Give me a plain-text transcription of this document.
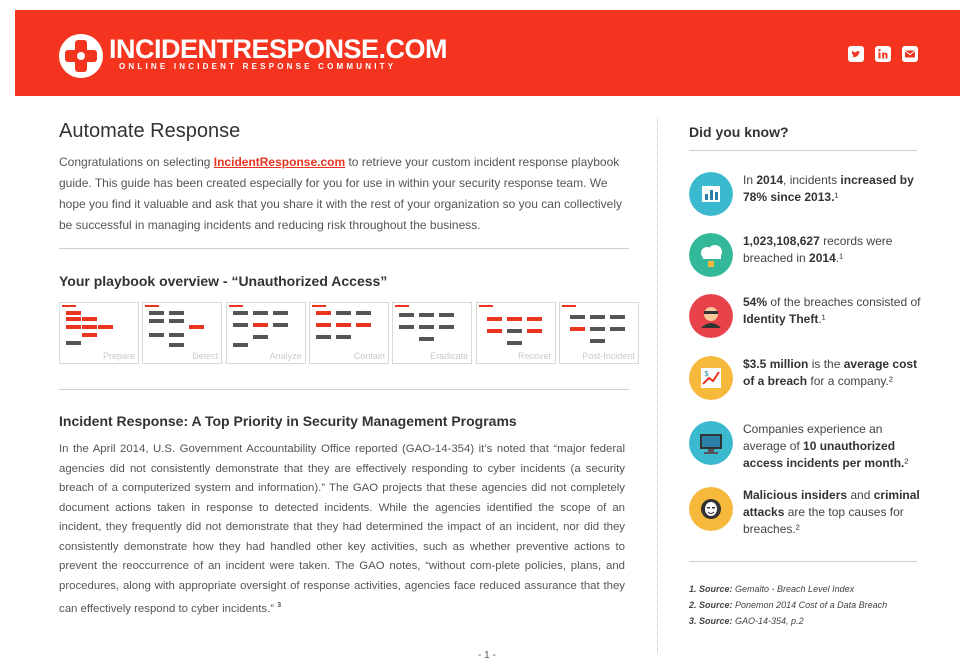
INCIDENTRESPONSE.COM
ONLINE INCIDENT RESPONSE COMMUNITY
Automate Response

Congratulations on selecting IncidentResponse.com to retrieve your custom incident response playbook guide. This guide has been created especially for you for use in within your security response team. We hope you find it valuable and ask that you share it with the rest of your organization so you can collectively be successful in managing incidents and reducing risk throughout the business.

Your playbook overview - “Unauthorized Access”
Prepare	Detect	Analyze	Contain	Eradicate	Recover	Post-Incident
Incident Response: A Top Priority in Security Management Programs

In the April 2014, U.S. Government Accountability Office reported (GAO-14-354) it’s noted that “major federal agencies did not consistently demonstrate that they are effectively responding to cyber incidents (a security breach of a computerized system and information).” The GAO projects that these agencies did not completely document actions taken in response to detected incidents. While the agencies identified the scope of an incident, they frequently did not demonstrate that they had determined the impact of an incident, nor did they consistently demonstrate how they had handled other key activities, such as whether preventive actions to prevent the reoccurrence of an incident were taken. The GAO notes, “without com-plete policies, plans, and procedures, along with appropriate oversight of response activities, agencies face reduced assurance that they can effectively respond to cyber incidents.” $^3$

Did you know?
In 2014, incidents increased by 78% since 2013.¹
1,023,108,627 records were breached in 2014.¹
54% of the breaches consisted of Identity Theft.¹
$
$3.5 million is the average cost of a breach for a company.²
Companies experience an average of 10 unauthorized access incidents per month.²
Malicious insiders and criminal attacks are the top causes for breaches.²
1. Source: Gemalto - Breach Level Index
2. Source: Ponemon 2014 Cost of a Data Breach
3. Source: GAO-14-354, p.2
- 1 -
